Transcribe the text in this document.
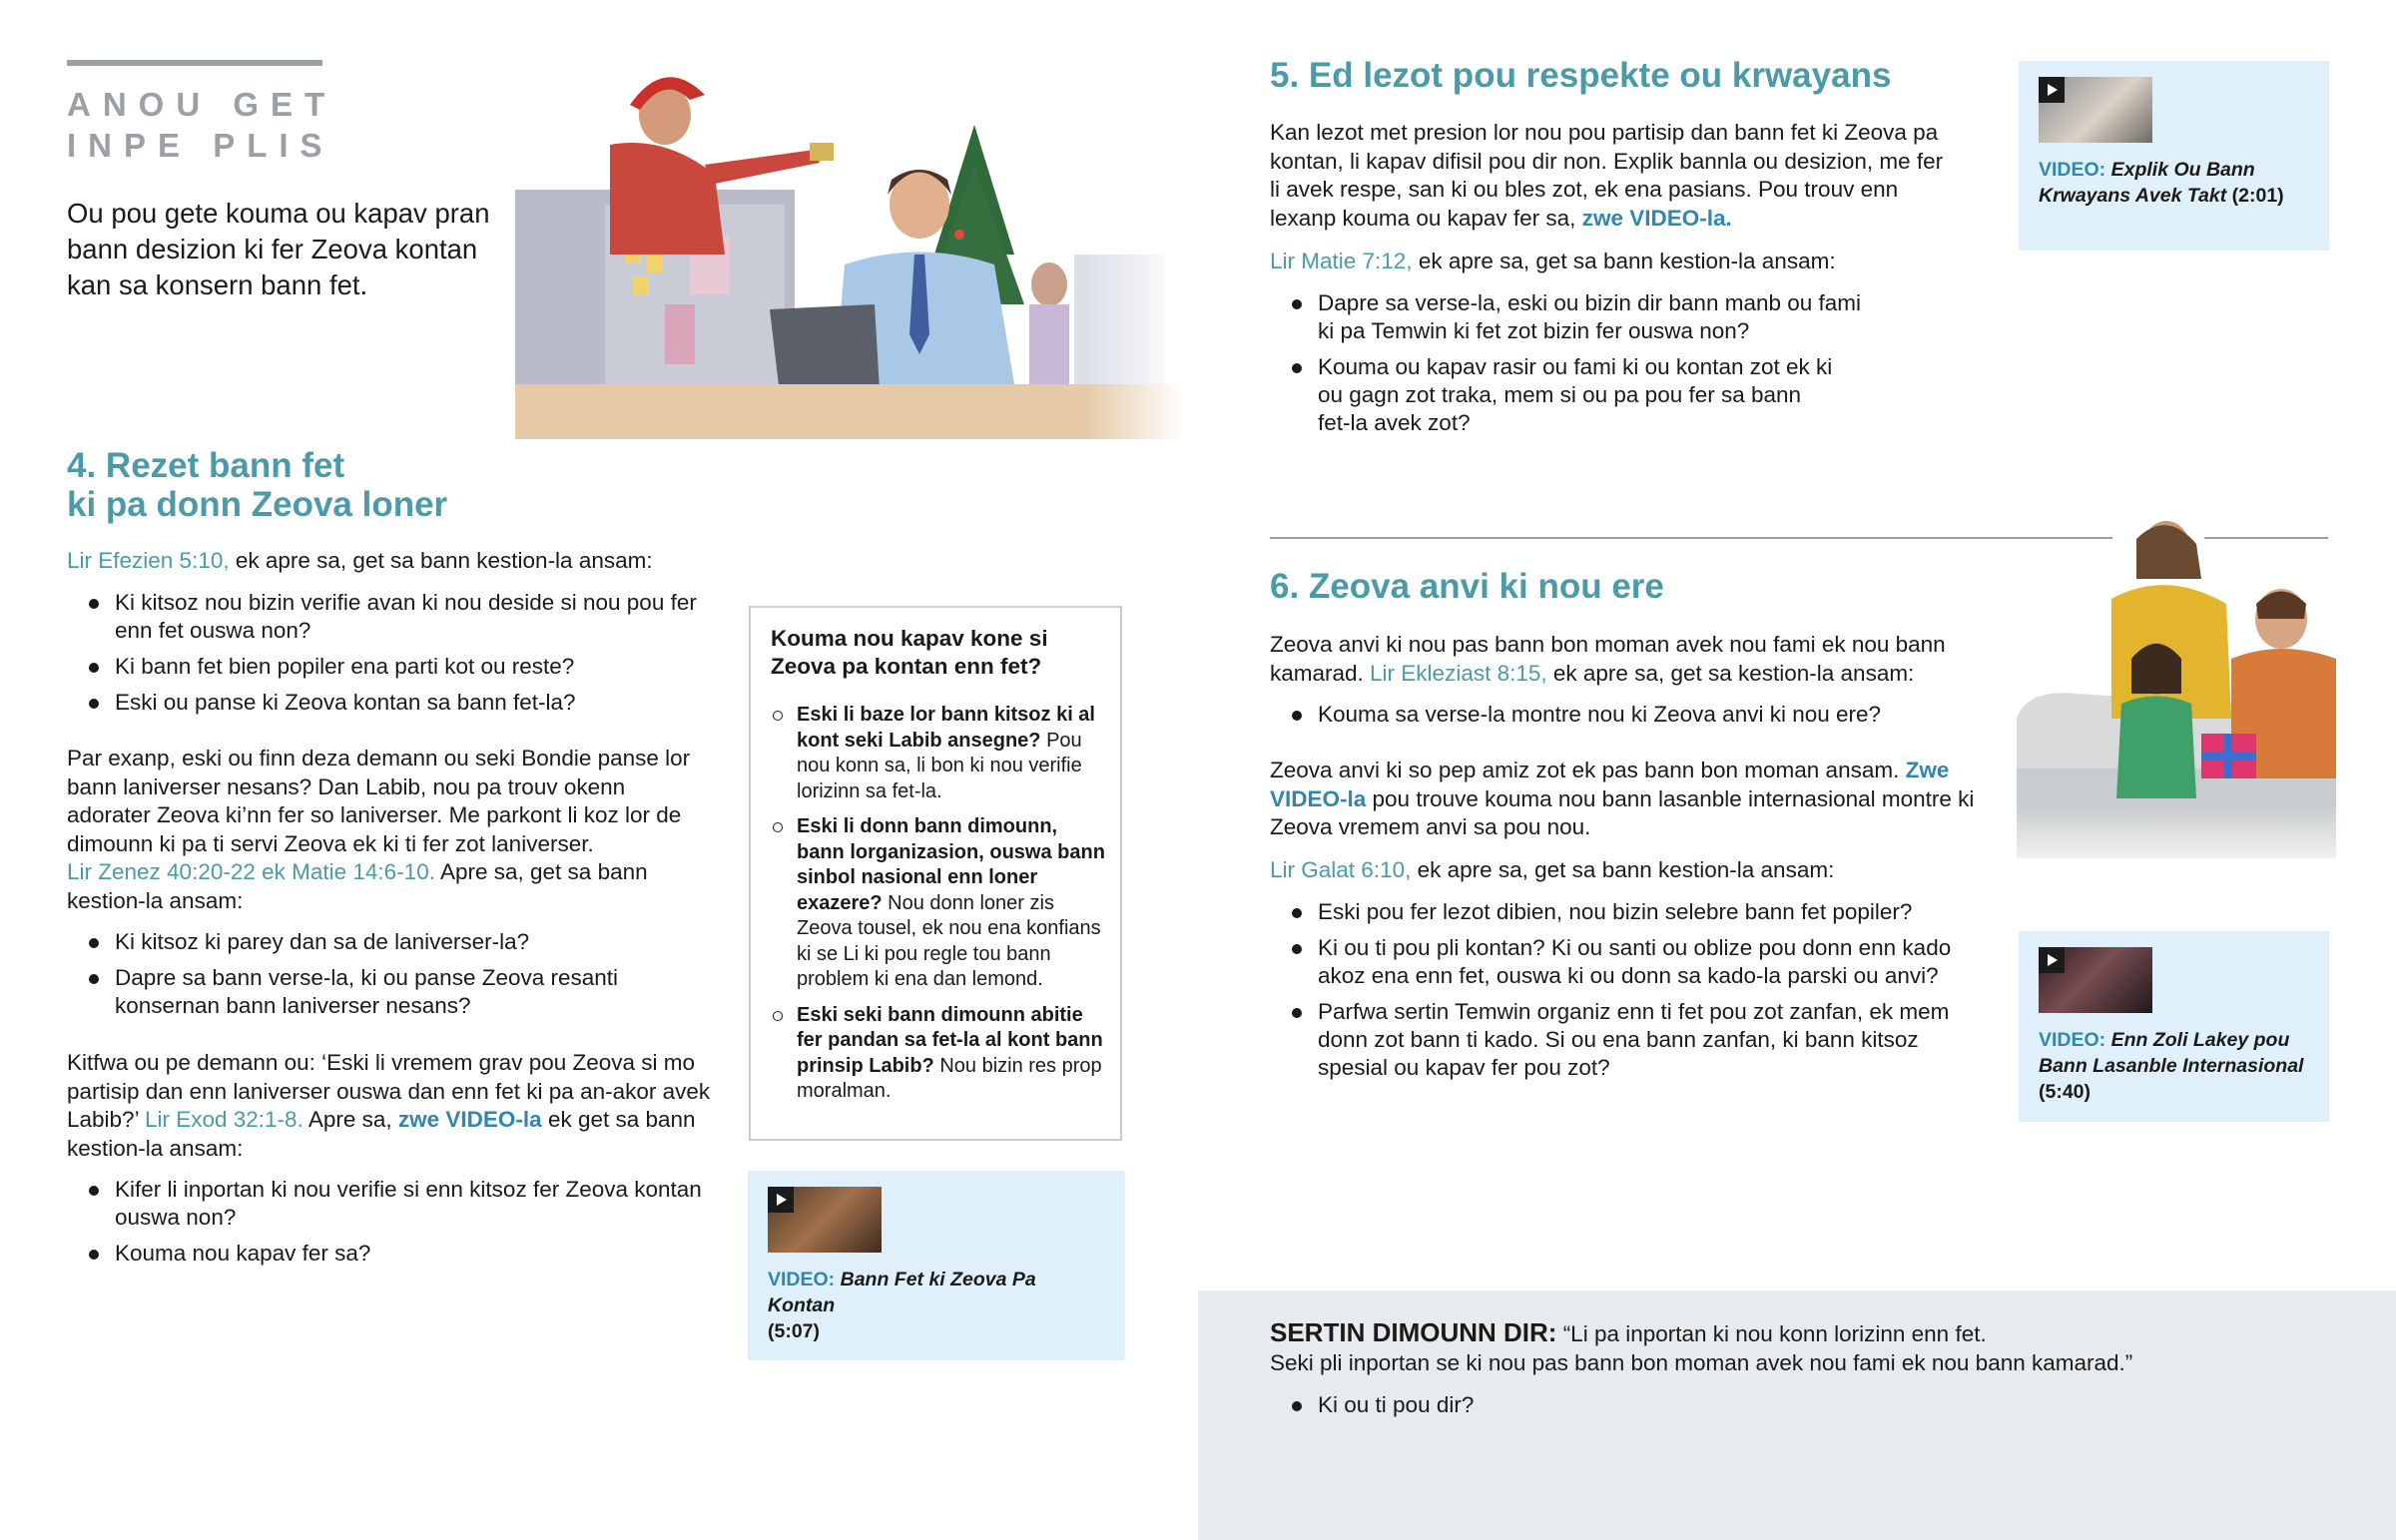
ANOU GET
INPE PLIS

Ou pou gete kouma ou kapav pran bann desizion ki fer Zeova kontan kan sa konsern bann fet.

4. Rezet bann fet
ki pa donn Zeova loner

Lir Efezien 5:10, ek apre sa, get sa bann kestion-la ansam:

Ki kitsoz nou bizin verifie avan ki nou deside si nou pou fer enn fet ouswa non?
Ki bann fet bien popiler ena parti kot ou reste?
Eski ou panse ki Zeova kontan sa bann fet-la?

Par exanp, eski ou finn deza demann ou seki Bondie panse lor bann laniverser nesans? Dan Labib, nou pa trouv okenn adorater Zeova ki’nn fer so laniverser. Me parkont li koz lor de dimounn ki pa ti servi Zeova ek ki ti fer zot laniverser.
Lir Zenez 40:20-22 ek Matie 14:6-10. Apre sa, get sa bann kestion-la ansam:

Ki kitsoz ki parey dan sa de laniverser-la?
Dapre sa bann verse-la, ki ou panse Zeova resanti konsernan bann laniverser nesans?

Kitfwa ou pe demann ou: ‘Eski li vremem grav pou Zeova si mo partisip dan enn laniverser ouswa dan enn fet ki pa an-akor avek Labib?’ Lir Exod 32:1-8. Apre sa, zwe VIDEO-la ek get sa bann kestion-la ansam:

Kifer li inportan ki nou verifie si enn kitsoz fer Zeova kontan ouswa non?
Kouma nou kapav fer sa?

Kouma nou kapav kone si Zeova pa kontan enn fet?

Eski li baze lor bann kitsoz ki al kont seki Labib ansegne? Pou nou konn sa, li bon ki nou verifie lorizinn sa fet-la.
Eski li donn bann dimounn, bann lorganizasion, ouswa bann sinbol nasional enn loner exazere? Nou donn loner zis Zeova tousel, ek nou ena konfians ki se Li ki pou regle tou bann problem ki ena dan lemond.
Eski seki bann dimounn abitie fer pandan sa fet-la al kont bann prinsip Labib? Nou bizin res prop moralman.
VIDEO: Bann Fet ki Zeova Pa Kontan
(5:07)
5. Ed lezot pou respekte ou krwayans

Kan lezot met presion lor nou pou partisip dan bann fet ki Zeova pa kontan, li kapav difisil pou dir non. Explik bannla ou desizion, me fer li avek respe, san ki ou bles zot, ek ena pasians. Pou trouv enn lexanp kouma ou kapav fer sa, zwe VIDEO-la.

Lir Matie 7:12, ek apre sa, get sa bann kestion-la ansam:

Dapre sa verse-la, eski ou bizin dir bann manb ou fami ki pa Temwin ki fet zot bizin fer ouswa non?
Kouma ou kapav rasir ou fami ki ou kontan zot ek ki ou gagn zot traka, mem si ou pa pou fer sa bann fet-la avek zot?
VIDEO: Explik Ou Bann Krwayans Avek Takt (2:01)
6. Zeova anvi ki nou ere

Zeova anvi ki nou pas bann bon moman avek nou fami ek nou bann kamarad. Lir Ekleziast 8:15, ek apre sa, get sa kestion-la ansam:

Kouma sa verse-la montre nou ki Zeova anvi ki nou ere?

Zeova anvi ki so pep amiz zot ek pas bann bon moman ansam. Zwe VIDEO-la pou trouve kouma nou bann lasanble internasional montre ki Zeova vremem anvi sa pou nou.

Lir Galat 6:10, ek apre sa, get sa bann kestion-la ansam:

Eski pou fer lezot dibien, nou bizin selebre bann fet popiler?
Ki ou ti pou pli kontan? Ki ou santi ou oblize pou donn enn kado akoz ena enn fet, ouswa ki ou donn sa kado-la parski ou anvi?
Parfwa sertin Temwin organiz enn ti fet pou zot zanfan, ek mem donn zot bann ti kado. Si ou ena bann zanfan, ki bann kitsoz spesial ou kapav fer pou zot?
VIDEO: Enn Zoli Lakey pou Bann Lasanble Internasional
(5:40)

SERTIN DIMOUNN DIR: “Li pa inportan ki nou konn lorizinn enn fet.
Seki pli inportan se ki nou pas bann bon moman avek nou fami ek nou bann kamarad.”

Ki ou ti pou dir?
